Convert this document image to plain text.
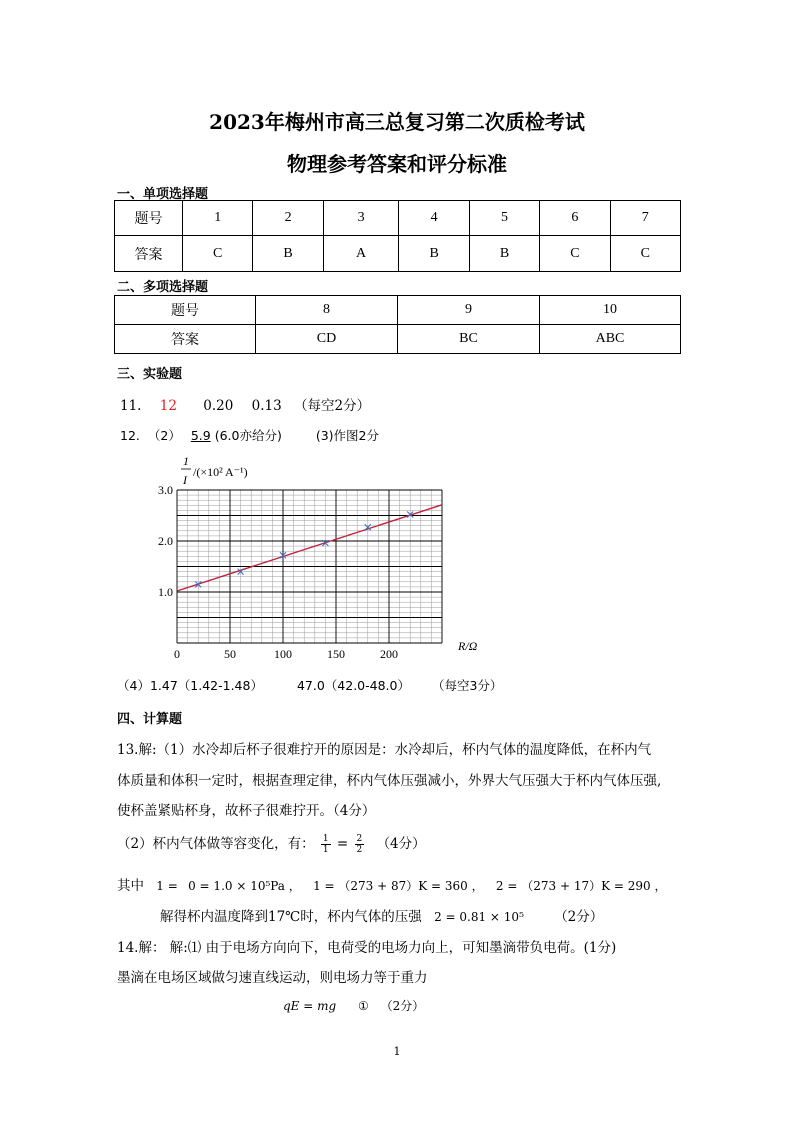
2023年梅州市高三总复习第二次质检考试
物理参考答案和评分标准
一、单项选择题
题号	1	2	3	4	5	6	7
答案	C	B	A	B	B	C	C
二、多项选择题
题号	8	9	10
答案	CD	BC	ABC
三、实验题
11. 12 0.20 0.13 （每空2分）
12. （2） 5.9 (6.0亦给分)	(3)作图2分
1.0
2.0
3.0
0	50	100	150	200
1
I
/(×10² A⁻¹)
R/Ω
（4）1.47（1.42-1.48）	47.0（42.0-48.0） （每空3分）
四、计算题
13.解:（1）水冷却后杯子很难拧开的原因是：水冷却后，杯内气体的温度降低，在杯内气
体质量和体积一定时，根据查理定律，杯内气体压强减小，外界大气压强大于杯内气体压强,
使杯盖紧贴杯身，故杯子很难拧开。（4分）
（2）杯内气体做等容变化，有： $\frac{1}{1} = \frac{2}{2} (4$分）
其中 1 = 0 = 1.0 × 10⁵Pa ， 1 = （273 + 87）K = 360 ， 2 = （273 + 17）K = 290 ，
解得杯内温度降到17℃时，杯内气体的压强 2 = 0.81 × 10⁵ （2分）
14.解： 解:⑴ 由于电场方向向下，电荷受的电场力向上，可知墨滴带负电荷。(1分)
墨滴在电场区域做匀速直线运动，则电场力等于重力
qE = mg ① （2分）
1
